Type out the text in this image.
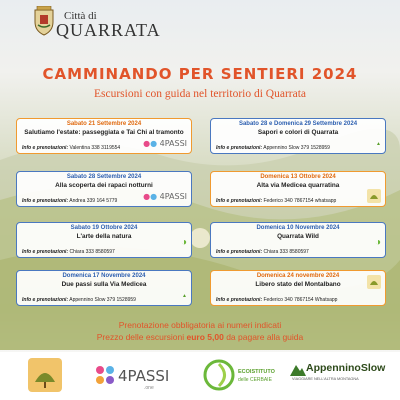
Città di
QUARRATA
CAMMINANDO PER SENTIERI 2024
Escursioni con guida nel territorio di Quarrata
Sabato 21 Settembre 2024
Salutiamo l'estate: passeggiata e Tai Chi al tramonto
Info e prenotazioni: Valentina 338 3119554	●● 4PASSI
Sabato 28 e Domenica 29 Settembre 2024
Sapori e colori di Quarrata
Info e prenotazioni: Appennino Slow 379 1528959
▲
Sabato 28 Settembre 2024
Alla scoperta dei rapaci notturni
Info e prenotazioni: Andrea 339 164 5779	●● 4PASSI
Domenica 13 Ottobre 2024
Alta via Medicea quarratina
Info e prenotazioni: Federico 340 7867154 whatsapp
Sabato 19 Ottobre 2024
L'arte della natura
Info e prenotazioni: Chiara 333 8580597
◑
Domenica 10 Novembre 2024
Quarrata Wild
Info e prenotazioni: Chiara 333 8580597
◑
Domenica 17 Novembre 2024
Due passi sulla Via Medicea
Info e prenotazioni: Appennino Slow 379 1528959
▲
Domenica 24 novembre 2024
Libero stato del Montalbano
Info e prenotazioni: Federico 340 7867154 Whatsapp
Prenotazione obbligatoria ai numeri indicati
Prezzo delle escursioni euro 5,00 da pagare alla guida
4PASSI
.one
ECOISTITUTO
delle CERBAIE
AppenninoSlow
VIAGGIARE NELL'ALTRA MONTAGNA
